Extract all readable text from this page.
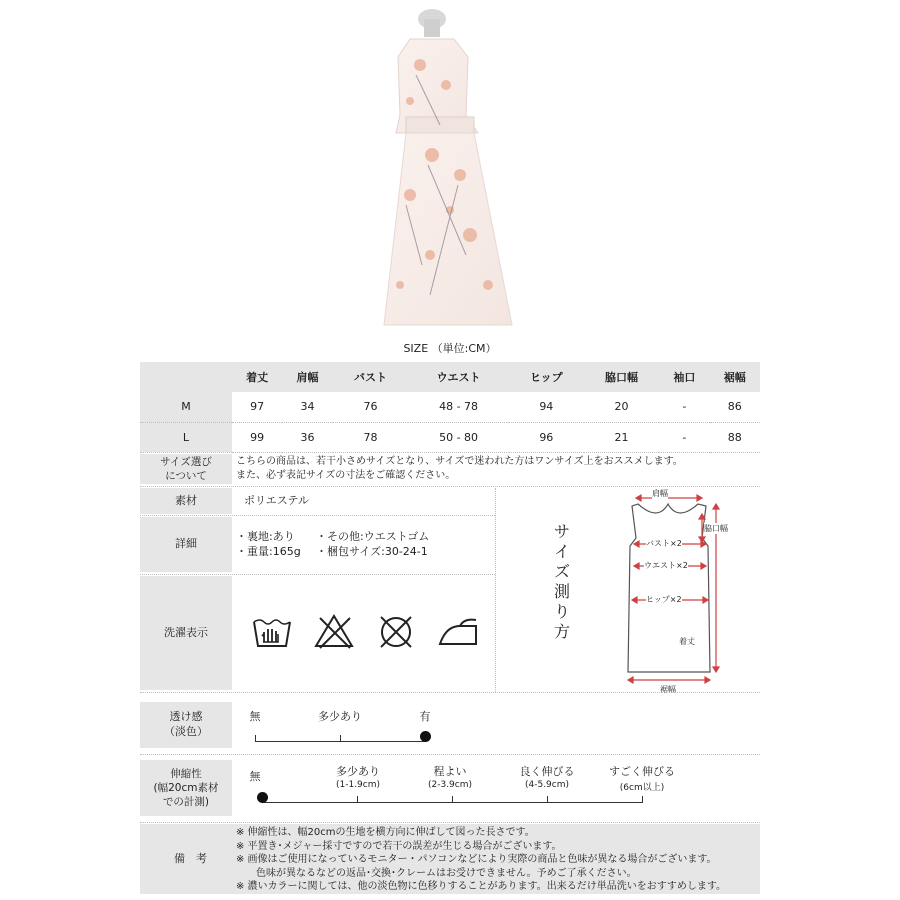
SIZE （単位:CM）
	着丈	肩幅	バスト	ウエスト	ヒップ	脇口幅	袖口	裾幅
M	97	34	76	48 - 78	94	20	-	86
L	99	36	78	50 - 80	96	21	-	88
サイズ選び
について
こちらの商品は、若干小さめサイズとなり、サイズで迷われた方はワンサイズ上をおススメします。
また、必ず表記サイズの寸法をご確認ください。
素材	ポリエステル
詳細
・裏地:あり
・重量:165g
・その他:ウエストゴム
・梱包サイズ:30-24-1
洗濯表示
サイズ測り方
肩幅
脇口幅
バスト×2
ウエスト×2
ヒップ×2
着丈
裾幅
透け感
（淡色）
無	多少あり	有
伸縮性
(幅20cm素材
での計測)
無	多少あり
(1-1.9cm)
程よい
(2-3.9cm)
良く伸びる
(4-5.9cm)
すごく伸びる
(6cm以上)
備　考
※ 伸縮性は、幅20cmの生地を横方向に伸ばして図った長さです。
※ 平置き･メジャー採寸ですので若干の誤差が生じる場合がございます。
※ 画像はご使用になっているモニター・パソコンなどにより実際の商品と色味が異なる場合がございます。
　　色味が異なるなどの返品･交換･クレームはお受けできません。予めご了承ください。
※ 濃いカラーに関しては、他の淡色物に色移りすることがあります。出来るだけ単品洗いをおすすめします。
